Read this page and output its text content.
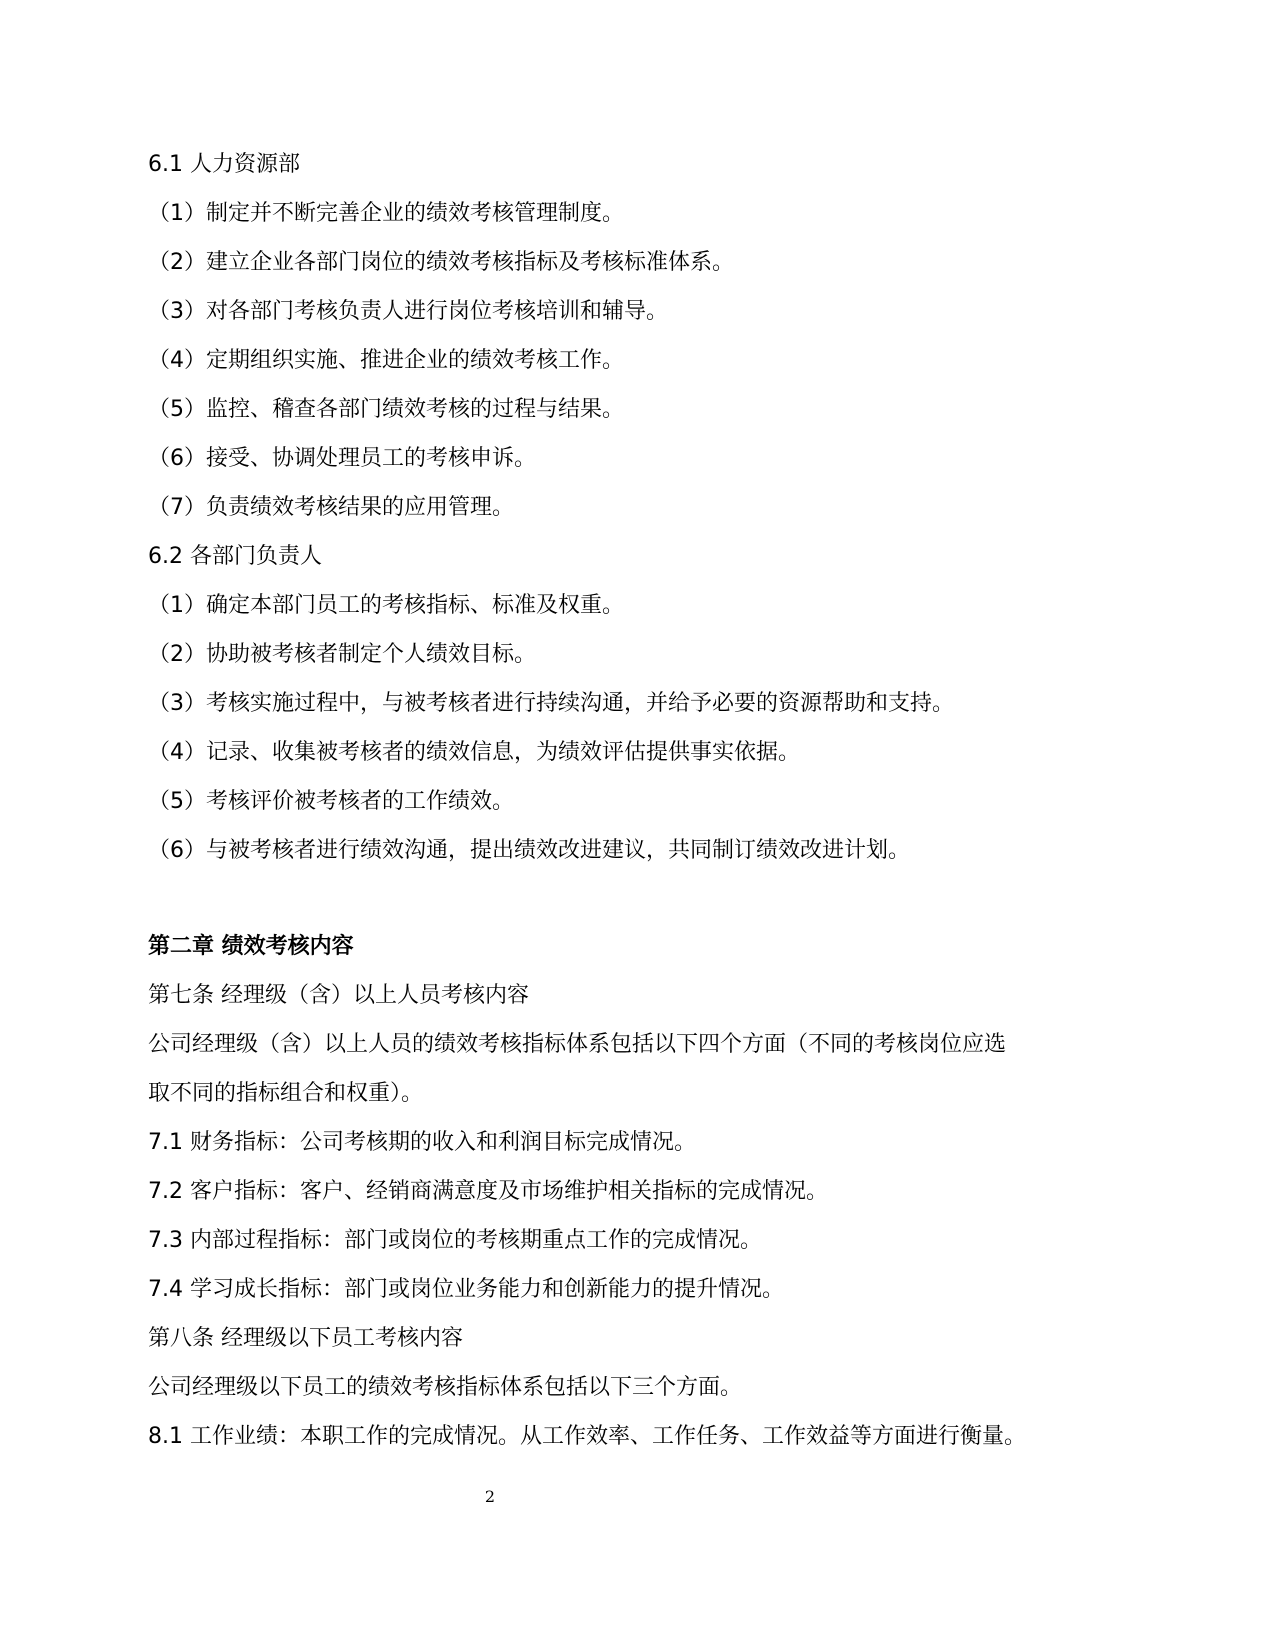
6.1 人力资源部
（1）制定并不断完善企业的绩效考核管理制度。
（2）建立企业各部门岗位的绩效考核指标及考核标准体系。
（3）对各部门考核负责人进行岗位考核培训和辅导。
（4）定期组织实施、推进企业的绩效考核工作。
（5）监控、稽查各部门绩效考核的过程与结果。
（6）接受、协调处理员工的考核申诉。
（7）负责绩效考核结果的应用管理。
6.2 各部门负责人
（1）确定本部门员工的考核指标、标准及权重。
（2）协助被考核者制定个人绩效目标。
（3）考核实施过程中，与被考核者进行持续沟通，并给予必要的资源帮助和支持。
（4）记录、收集被考核者的绩效信息，为绩效评估提供事实依据。
（5）考核评价被考核者的工作绩效。
（6）与被考核者进行绩效沟通，提出绩效改进建议，共同制订绩效改进计划。
第二章 绩效考核内容
第七条 经理级（含）以上人员考核内容
公司经理级（含）以上人员的绩效考核指标体系包括以下四个方面（不同的考核岗位应选
取不同的指标组合和权重）。
7.1 财务指标：公司考核期的收入和利润目标完成情况。
7.2 客户指标：客户、经销商满意度及市场维护相关指标的完成情况。
7.3 内部过程指标：部门或岗位的考核期重点工作的完成情况。
7.4 学习成长指标：部门或岗位业务能力和创新能力的提升情况。
第八条 经理级以下员工考核内容
公司经理级以下员工的绩效考核指标体系包括以下三个方面。
8.1 工作业绩：本职工作的完成情况。从工作效率、工作任务、工作效益等方面进行衡量。
2
